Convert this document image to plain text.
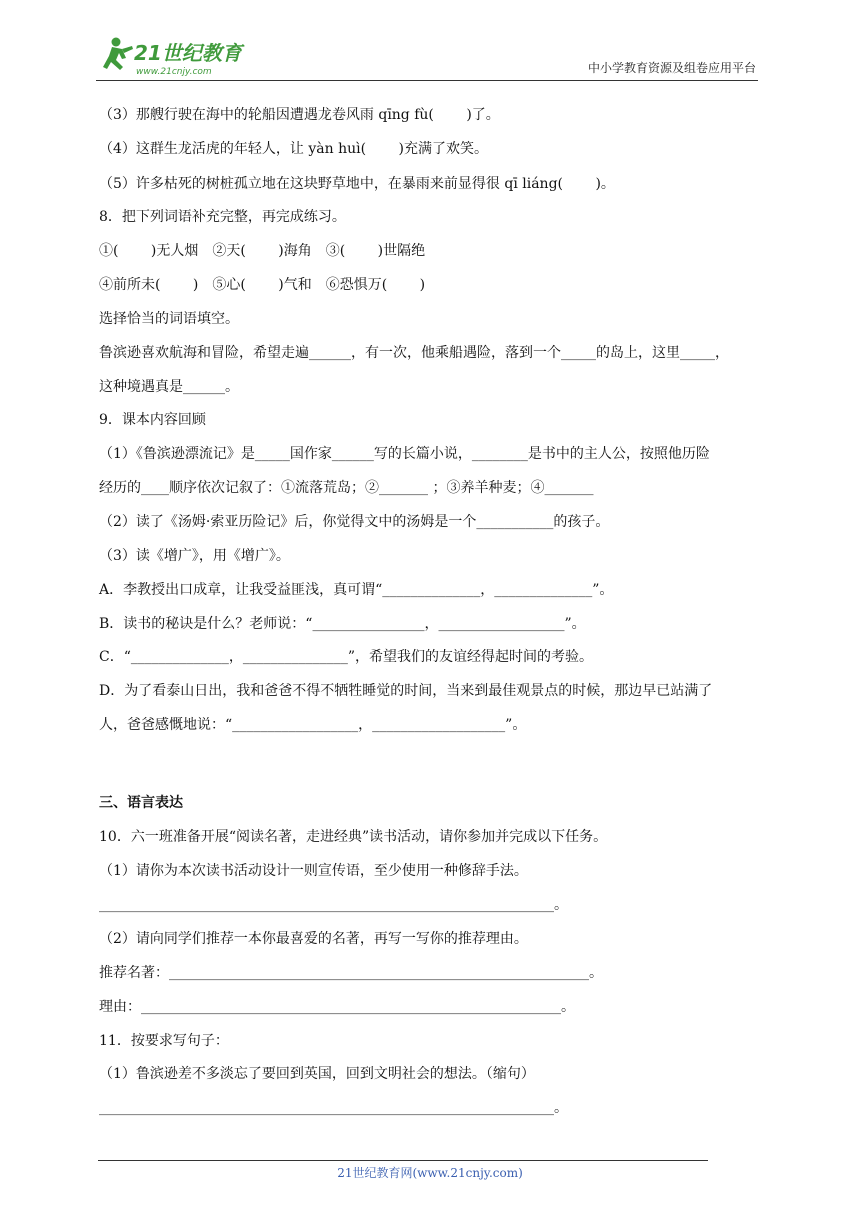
21世纪教育
www.21cnjy.com	中小学教育资源及组卷应用平台
（3）那艘行驶在海中的轮船因遭遇龙卷风雨 qīng fù(　　 )了。
（4）这群生龙活虎的年轻人，让 yàn huì(　　 )充满了欢笑。
（5）许多枯死的树桩孤立地在这块野草地中，在暴雨来前显得很 qī liáng(　　 )。
8．把下列词语补充完整，再完成练习。
①(　　 )无人烟　②天(　　 )海角　③(　　 )世隔绝
④前所未(　　 )　⑤心(　　 )气和　⑥恐惧万(　　 )
选择恰当的词语填空。
鲁滨逊喜欢航海和冒险，希望走遍______，有一次，他乘船遇险，落到一个_____的岛上，这里_____，
这种境遇真是______。
9．课本内容回顾
（1）《鲁滨逊漂流记》是_____国作家______写的长篇小说，________是书中的主人公，按照他历险
经历的____顺序依次记叙了：①流落荒岛；②_______ ；③养羊种麦；④_______
（2）读了《汤姆·索亚历险记》后，你觉得文中的汤姆是一个___________的孩子。
（3）读《增广》，用《增广》。
A．李教授出口成章，让我受益匪浅，真可谓“______________，______________”。
B．读书的秘诀是什么？老师说：“________________，__________________”。
C．“______________，_______________”，希望我们的友谊经得起时间的考验。
D．为了看泰山日出，我和爸爸不得不牺牲睡觉的时间，当来到最佳观景点的时候，那边早已站满了
人，爸爸感慨地说：“__________________，___________________”。
三、语言表达
10．六一班准备开展“阅读名著，走进经典”读书活动，请你参加并完成以下任务。
（1）请你为本次读书活动设计一则宣传语，至少使用一种修辞手法。
_________________________________________________________________。
（2）请向同学们推荐一本你最喜爱的名著，再写一写你的推荐理由。
推荐名著：____________________________________________________________。
理由：____________________________________________________________。
11．按要求写句子：
（1）鲁滨逊差不多淡忘了要回到英国，回到文明社会的想法。（缩句）
_________________________________________________________________。
21世纪教育网(www.21cnjy.com)
